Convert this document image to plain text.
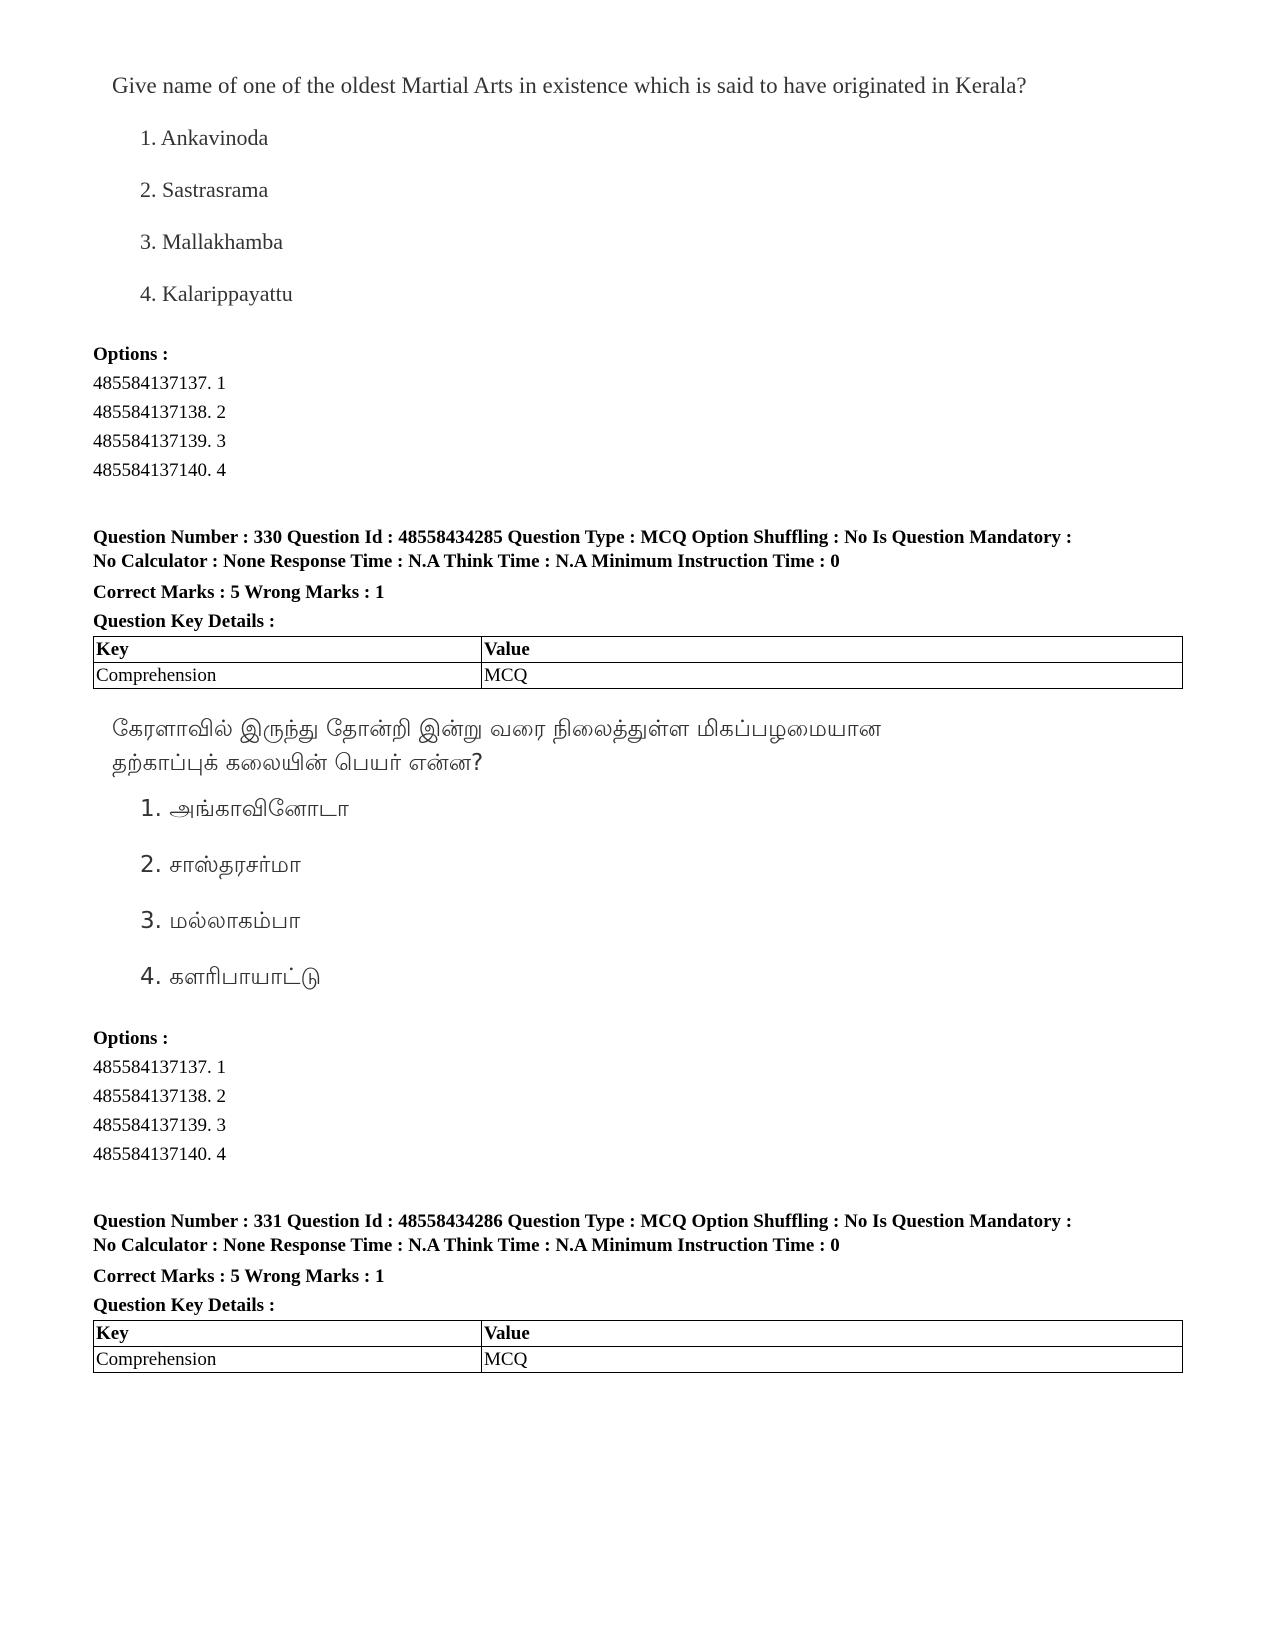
Give name of one of the oldest Martial Arts in existence which is said to have originated in Kerala?
1. Ankavinoda
2. Sastrasrama
3. Mallakhamba
4. Kalarippayattu
Options :
485584137137. 1
485584137138. 2
485584137139. 3
485584137140. 4
Question Number : 330 Question Id : 48558434285 Question Type : MCQ Option Shuffling : No Is Question Mandatory :
No Calculator : None Response Time : N.A Think Time : N.A Minimum Instruction Time : 0
Correct Marks : 5 Wrong Marks : 1
Question Key Details :
Key	Value
Comprehension	MCQ
கேரளாவில் இருந்து தோன்றி இன்று வரை நிலைத்துள்ள மிகப்பழமையான
தற்காப்புக் கலையின் பெயர் என்ன?
1. அங்காவினோடா
2. சாஸ்தரசர்மா
3. மல்லாகம்பா
4. களரிபாயாட்டு
Options :
485584137137. 1
485584137138. 2
485584137139. 3
485584137140. 4
Question Number : 331 Question Id : 48558434286 Question Type : MCQ Option Shuffling : No Is Question Mandatory :
No Calculator : None Response Time : N.A Think Time : N.A Minimum Instruction Time : 0
Correct Marks : 5 Wrong Marks : 1
Question Key Details :
Key	Value
Comprehension	MCQ
